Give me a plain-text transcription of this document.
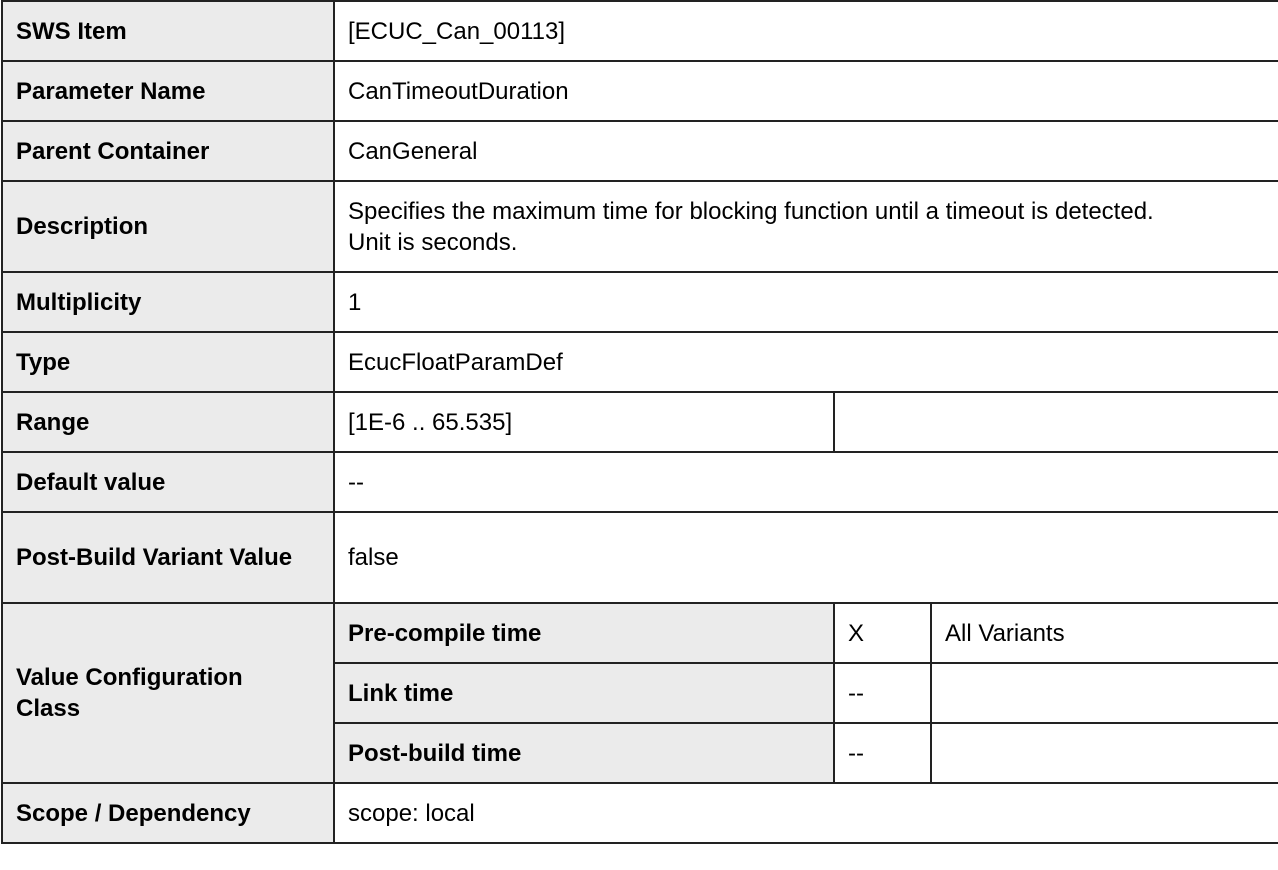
SWS Item	[ECUC_Can_00113]		
Parameter Name	CanTimeoutDuration		
Parent Container	CanGeneral		
Description	Specifies the maximum time for blocking function until a timeout is detected. Unit is seconds.		
Multiplicity	1		
Type	EcucFloatParamDef		
Range	[1E-6 .. 65.535]		
Default value	--		
Post-Build Variant Value	false		
Value Configuration Class	Pre-compile time	X	All Variants
	Link time	--	
	Post-build time	--	
Scope / Dependency	scope: local		
